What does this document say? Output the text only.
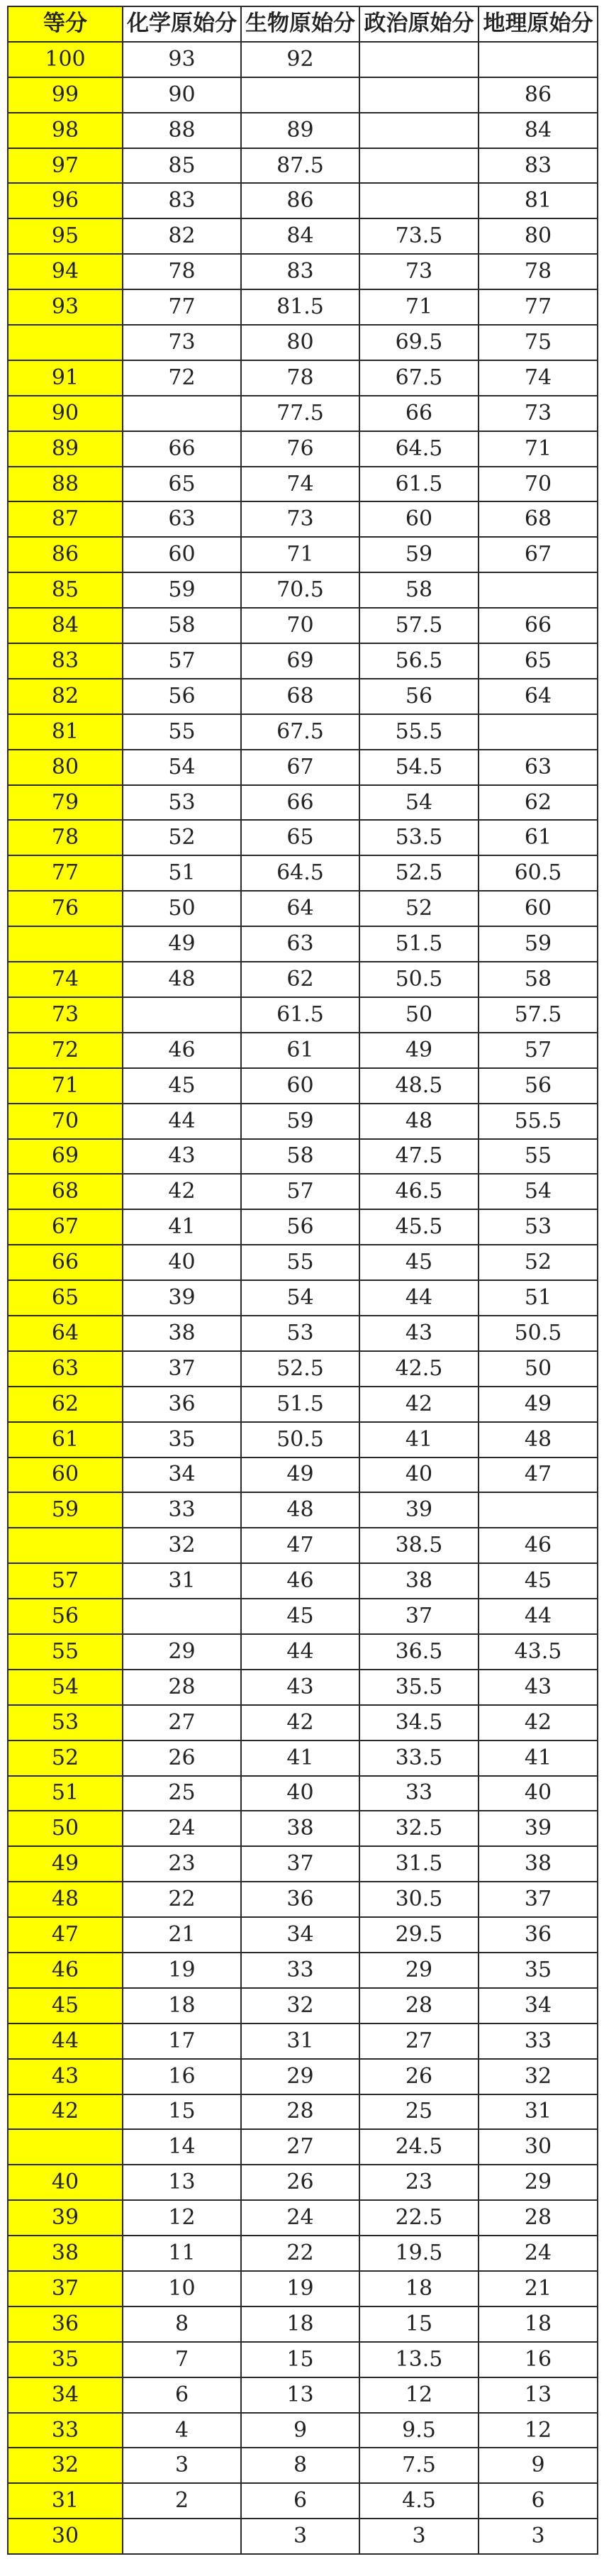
等分	化学原始分	生物原始分	政治原始分	地理原始分
100	93	92		
99	90			86
98	88	89		84
97	85	87.5		83
96	83	86		81
95	82	84	73.5	80
94	78	83	73	78
93	77	81.5	71	77
	73	80	69.5	75
91	72	78	67.5	74
90		77.5	66	73
89	66	76	64.5	71
88	65	74	61.5	70
87	63	73	60	68
86	60	71	59	67
85	59	70.5	58	
84	58	70	57.5	66
83	57	69	56.5	65
82	56	68	56	64
81	55	67.5	55.5	
80	54	67	54.5	63
79	53	66	54	62
78	52	65	53.5	61
77	51	64.5	52.5	60.5
76	50	64	52	60
	49	63	51.5	59
74	48	62	50.5	58
73		61.5	50	57.5
72	46	61	49	57
71	45	60	48.5	56
70	44	59	48	55.5
69	43	58	47.5	55
68	42	57	46.5	54
67	41	56	45.5	53
66	40	55	45	52
65	39	54	44	51
64	38	53	43	50.5
63	37	52.5	42.5	50
62	36	51.5	42	49
61	35	50.5	41	48
60	34	49	40	47
59	33	48	39	
	32	47	38.5	46
57	31	46	38	45
56		45	37	44
55	29	44	36.5	43.5
54	28	43	35.5	43
53	27	42	34.5	42
52	26	41	33.5	41
51	25	40	33	40
50	24	38	32.5	39
49	23	37	31.5	38
48	22	36	30.5	37
47	21	34	29.5	36
46	19	33	29	35
45	18	32	28	34
44	17	31	27	33
43	16	29	26	32
42	15	28	25	31
	14	27	24.5	30
40	13	26	23	29
39	12	24	22.5	28
38	11	22	19.5	24
37	10	19	18	21
36	8	18	15	18
35	7	15	13.5	16
34	6	13	12	13
33	4	9	9.5	12
32	3	8	7.5	9
31	2	6	4.5	6
30		3	3	3
